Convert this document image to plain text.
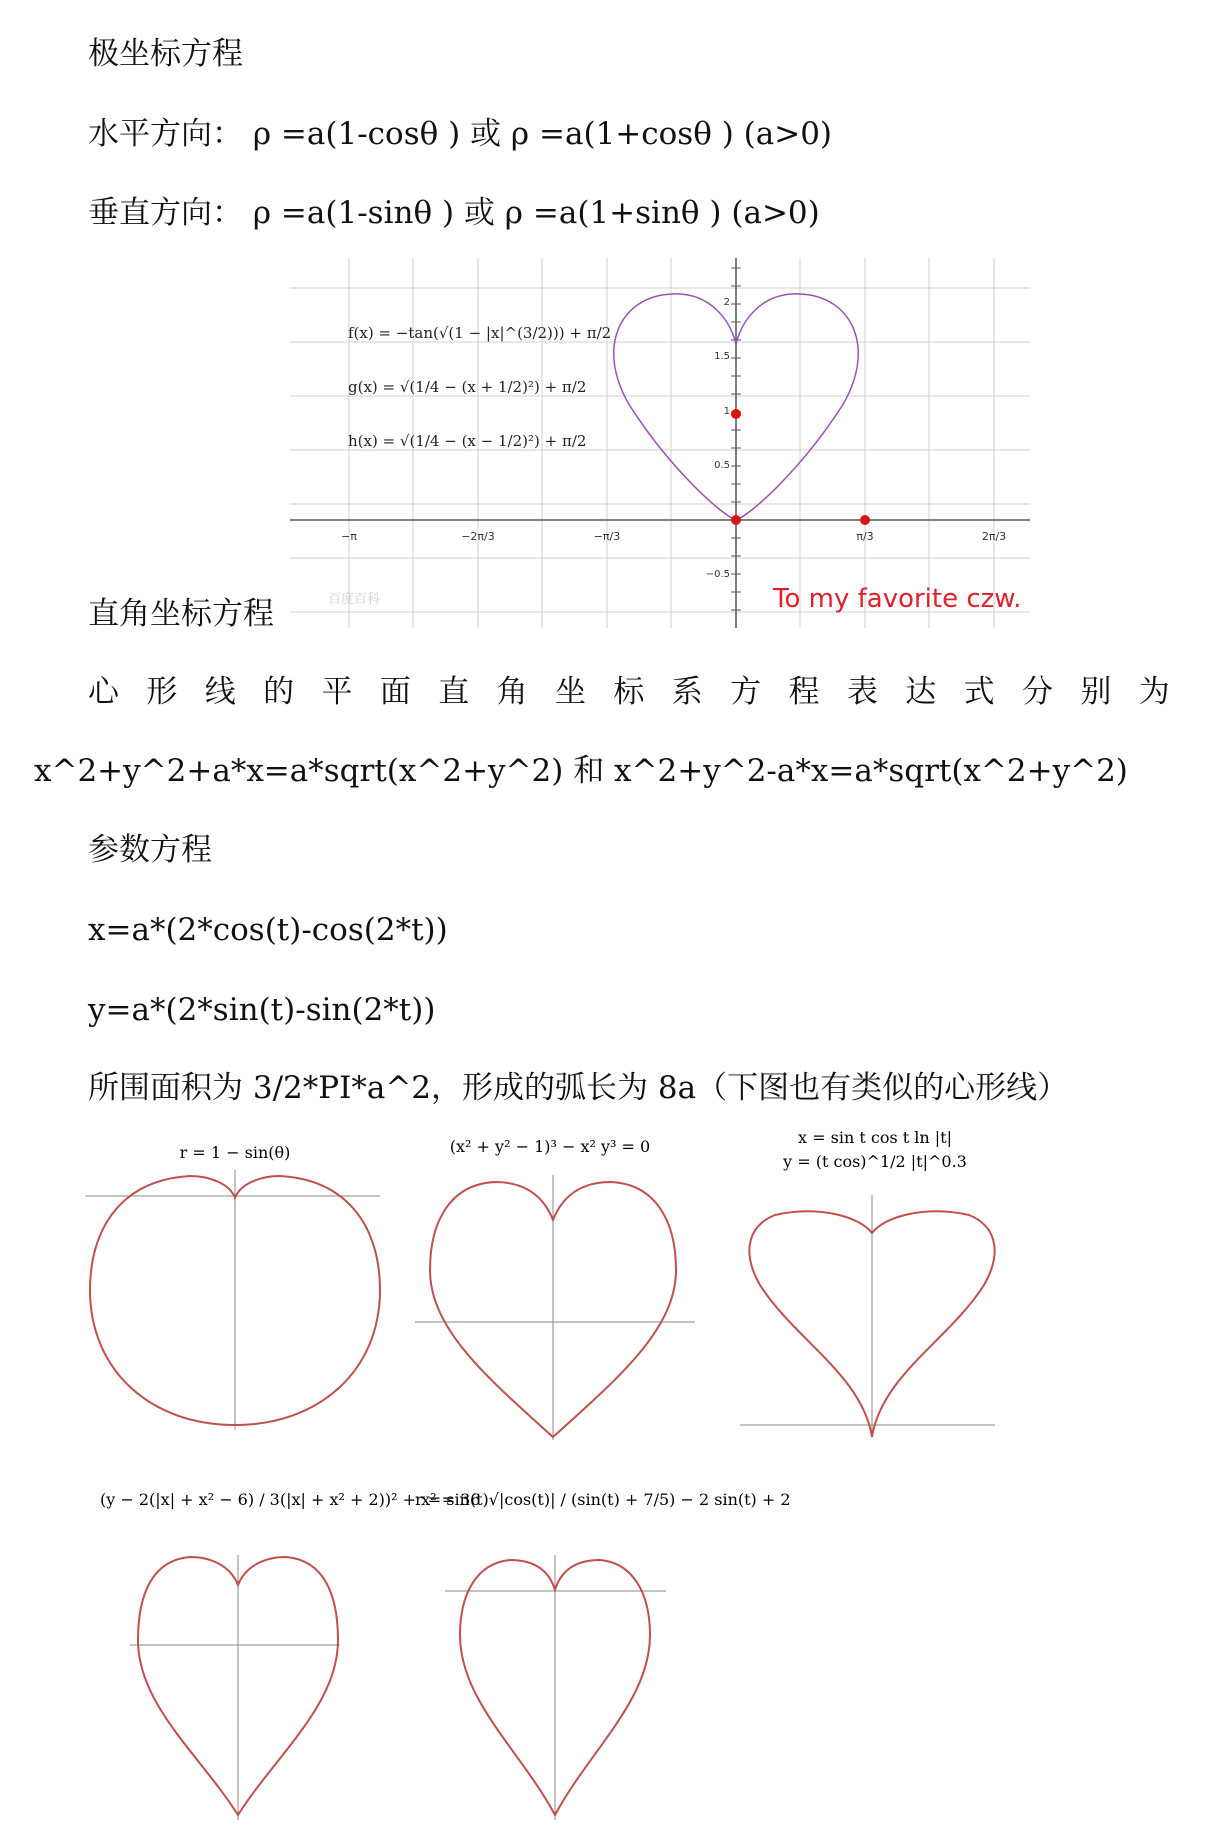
极坐标方程
水平方向： ρ =a(1-cosθ ) 或 ρ =a(1+cosθ ) (a>0)
垂直方向： ρ =a(1-sinθ ) 或 ρ =a(1+sinθ ) (a>0)
2
1.5
1
0.5
−0.5
−π	−2π/3	−π/3	π/3	2π/3
f(x) = −tan(√(1 − |x|^(3/2))) + π/2
g(x) = √(1/4 − (x + 1/2)²) + π/2
h(x) = √(1/4 − (x − 1/2)²) + π/2
百度百科	To my favorite czw.
直角坐标方程
心 形 线 的 平 面 直 角 坐 标 系 方 程 表 达 式 分 别 为
x^2+y^2+a*x=a*sqrt(x^2+y^2) 和 x^2+y^2-a*x=a*sqrt(x^2+y^2)
参数方程
x=a*(2*cos(t)-cos(2*t))
y=a*(2*sin(t)-sin(2*t))
所围面积为 3/2*PI*a^2，形成的弧长为 8a（下图也有类似的心形线）
r = 1 − sin(θ)	(x² + y² − 1)³ − x² y³ = 0	x = sin t cos t ln |t|
y = (t cos)^1/2 |t|^0.3
(y − 2(|x| + x² − 6) / 3(|x| + x² + 2))² + x² = 36
r = sin(t)√|cos(t)| / (sin(t) + 7/5) − 2 sin(t) + 2
